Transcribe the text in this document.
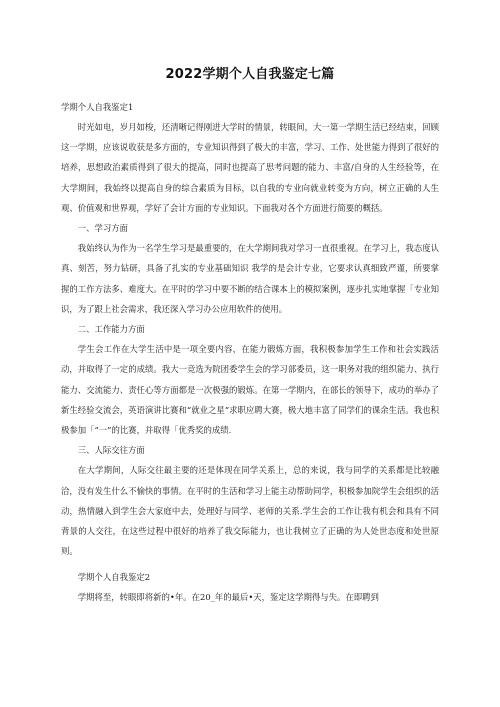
2022学期个人自我鉴定七篇

学期个人自我鉴定1

时光如电，岁月如梭，还清晰记得刚进大学时的情景，转眼间，大一第一学期生活已经结束，回顾这一学期，应该说收获是多方面的，专业知识得到了极大的丰富，学习、工作、处世能力得到了很好的培养，思想政治素质得到了很大的提高，同时也提高了思考问题的能力、丰富/自身的人生经验等，在大学期间，我始终以提高自身的综合素质为目标，以自我的专业向就业转变为方向，树立正确的人生观、价值观和世界观，学好了会计方面的专业知识。下面我对各个方面进行简要的概括。

一、学习方面

我始终认为作为一名学生学习是最重要的，在大学期间我对学习一直很重视。在学习上，我态度认真、刻苦，努力钻研，具备了扎实的专业基础知识 我学的是会计专业，它要求认真细致严谨，所要掌握的工作方法多、难度大。在平时的学习中要不断的结合课本上的模拟案例，逐步扎实地掌握「专业知识，为了跟上社会需求，我还深入学习办公应用软件的使用。

二、工作能力方面

学生会工作在大学生活中是一项全要内容，在能力锻炼方面，我积极参加学生工作和社会实践活动，并取得了一定的成绩。我大一竞选为院团委学生会的学习部委员，这一职务对我的组织能力、执行能力、交流能力、责任心等方面都是一次极强的锻炼。在第一学期内，在部长的领导下，成功的举办了新生经验交流会，英语演讲比赛和“就业之星”求职应聘大赛，极大地丰富了同学们的课余生活。我也积极参加「“一”的比赛，并取得「优秀奖的成绩.

三、人际交往方面

在大学期间，人际交往最主要的还是体现在同学关系上，总的来说，我与同学的关系都是比较融洽，没有发生什么不愉快的事情。在平时的生活和学习上能主动帮助同学，积极参加院学生会组织的活动，热情融入到学生会大家庭中去，处理好与同学、老师的关系.学生会的工作让我有机会和具有不同背景的人交往，在这些过程中很好的培养了我交际能力，也让我树立了正确的为人处世态度和处世原则。

学期个人自我鉴定2

学期将至，转眼即将新的•年。在20_年的最后•天，鉴定这学期得与失。在即聘到
